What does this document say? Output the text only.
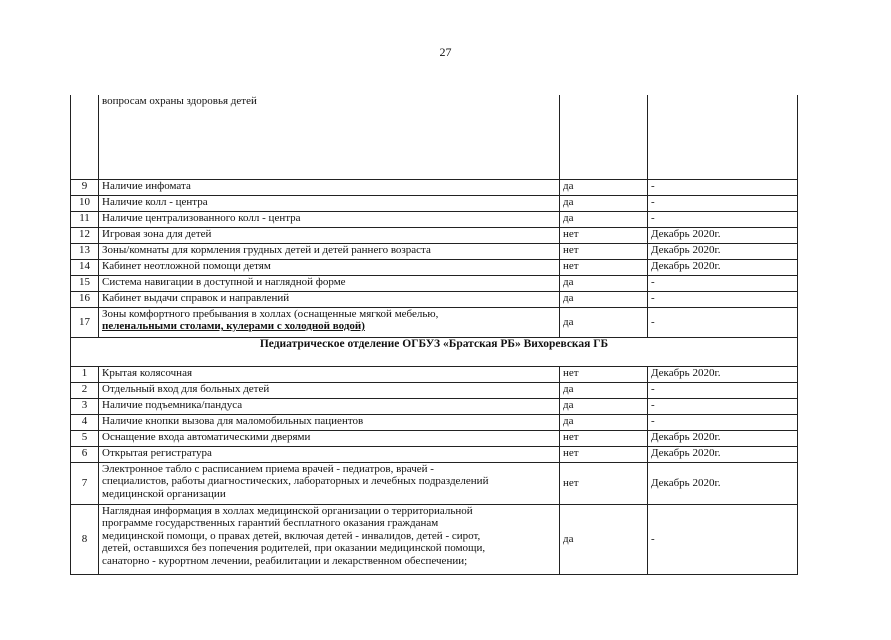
27
	вопросам охраны здоровья детей		
9	Наличие инфомата	да	-
10	Наличие колл - центра	да	-
11	Наличие централизованного колл - центра	да	-
12	Игровая зона для детей	нет	Декабрь 2020г.
13	Зоны/комнаты для кормления грудных детей и детей раннего возраста	нет	Декабрь 2020г.
14	Кабинет неотложной помощи детям	нет	Декабрь 2020г.
15	Система навигации в доступной и наглядной форме	да	-
16	Кабинет выдачи справок и направлений	да	-
17	Зоны комфортного пребывания в холлах (оснащенные мягкой мебелью,
пеленальными столами, кулерами с холодной водой)	да	-
Педиатрическое отделение ОГБУЗ «Братская РБ» Вихоревская ГБ			
1	Крытая колясочная	нет	Декабрь 2020г.
2	Отдельный вход для больных детей	да	-
3	Наличие подъемника/пандуса	да	-
4	Наличие кнопки вызова для маломобильных пациентов	да	-
5	Оснащение входа автоматическими дверями	нет	Декабрь 2020г.
6	Открытая регистратура	нет	Декабрь 2020г.
7	Электронное табло с расписанием приема врачей - педиатров, врачей -
специалистов, работы диагностических, лабораторных и лечебных подразделений
медицинской организации	нет	Декабрь 2020г.
8	Наглядная информация в холлах медицинской организации о территориальной
программе государственных гарантий бесплатного оказания гражданам
медицинской помощи, о правах детей, включая детей - инвалидов, детей - сирот,
детей, оставшихся без попечения родителей, при оказании медицинской помощи,
санаторно - курортном лечении, реабилитации и лекарственном обеспечении;	да	-
